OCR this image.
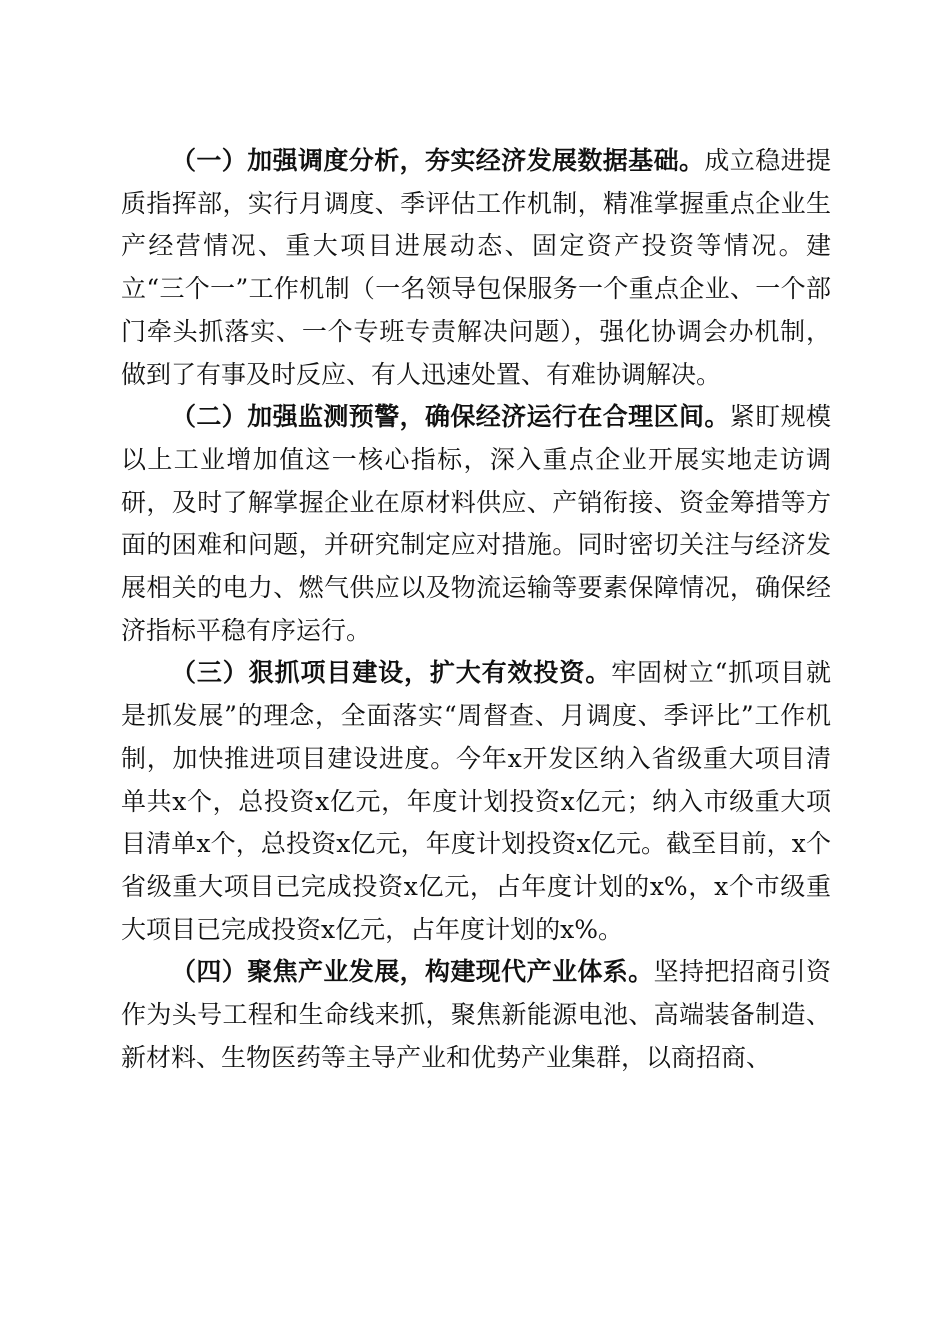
（一）加强调度分析，夯实经济发展数据基础。成立稳进提质指挥部，实行月调度、季评估工作机制，精准掌握重点企业生产经营情况、重大项目进展动态、固定资产投资等情况。建立“三个一”工作机制（一名领导包保服务一个重点企业、一个部门牵头抓落实、一个专班专责解决问题），强化协调会办机制，做到了有事及时反应、有人迅速处置、有难协调解决。

（二）加强监测预警，确保经济运行在合理区间。紧盯规模以上工业增加值这一核心指标，深入重点企业开展实地走访调研，及时了解掌握企业在原材料供应、产销衔接、资金筹措等方面的困难和问题，并研究制定应对措施。同时密切关注与经济发展相关的电力、燃气供应以及物流运输等要素保障情况，确保经济指标平稳有序运行。

（三）狠抓项目建设，扩大有效投资。牢固树立“抓项目就是抓发展”的理念，全面落实“周督查、月调度、季评比”工作机制，加快推进项目建设进度。今年x开发区纳入省级重大项目清单共x个，总投资x亿元，年度计划投资x亿元；纳入市级重大项目清单x个，总投资x亿元，年度计划投资x亿元。截至目前，x个省级重大项目已完成投资x亿元，占年度计划的x%，x个市级重大项目已完成投资x亿元，占年度计划的x%。

（四）聚焦产业发展，构建现代产业体系。坚持把招商引资作为头号工程和生命线来抓，聚焦新能源电池、高端装备制造、新材料、生物医药等主导产业和优势产业集群，以商招商、
